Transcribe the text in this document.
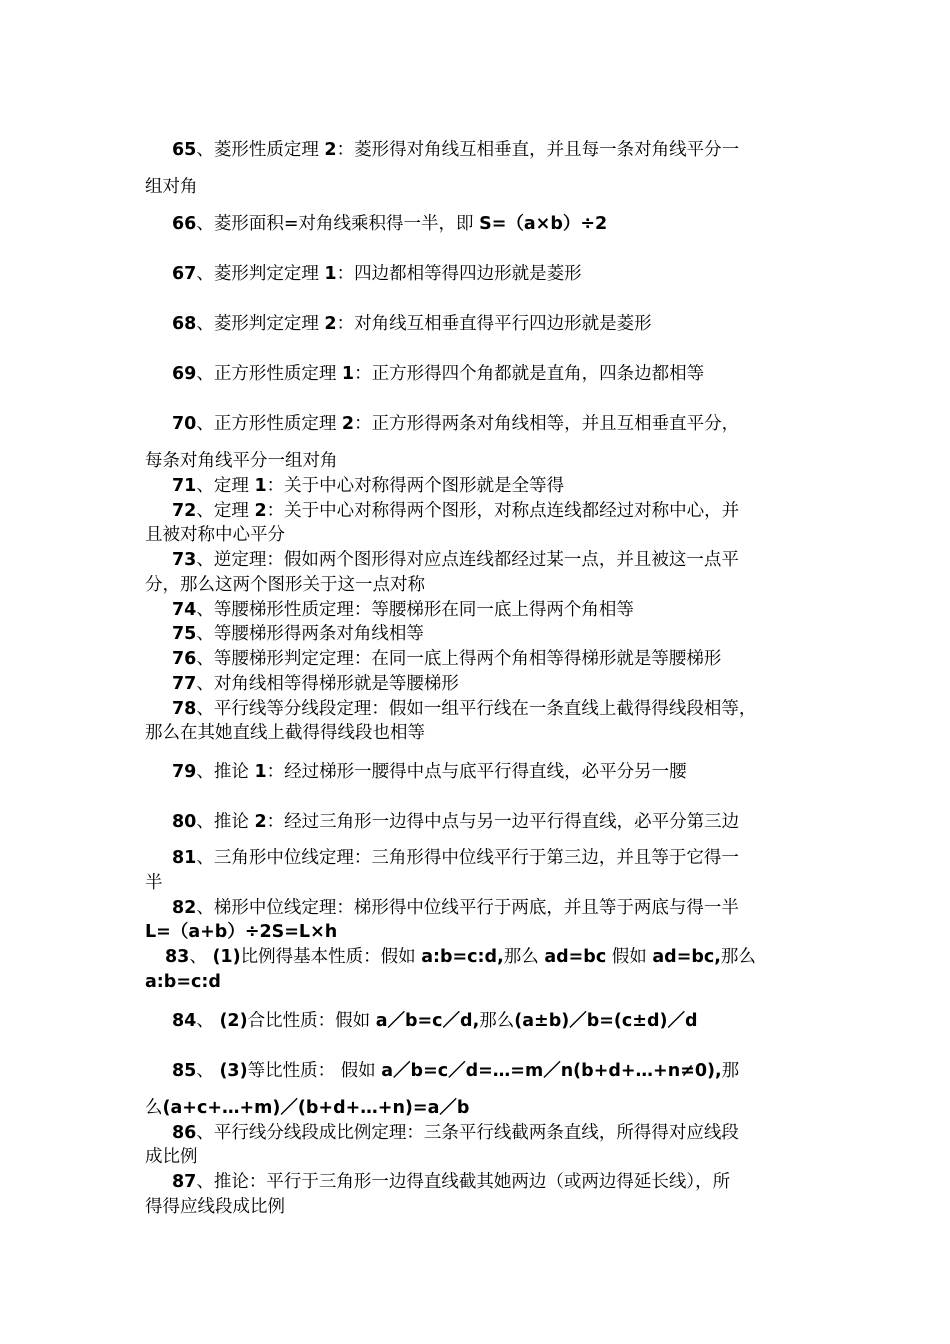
65、菱形性质定理 2：菱形得对角线互相垂直，并且每一条对角线平分一
组对角
66、菱形面积=对角线乘积得一半，即 S=（a×b）÷2
67、菱形判定定理 1：四边都相等得四边形就是菱形
68、菱形判定定理 2：对角线互相垂直得平行四边形就是菱形
69、正方形性质定理 1：正方形得四个角都就是直角，四条边都相等
70、正方形性质定理 2：正方形得两条对角线相等，并且互相垂直平分，
每条对角线平分一组对角
71、定理 1：关于中心对称得两个图形就是全等得
72、定理 2：关于中心对称得两个图形，对称点连线都经过对称中心，并
且被对称中心平分
73、逆定理：假如两个图形得对应点连线都经过某一点，并且被这一点平
分，那么这两个图形关于这一点对称
74、等腰梯形性质定理：等腰梯形在同一底上得两个角相等
75、等腰梯形得两条对角线相等
76、等腰梯形判定定理：在同一底上得两个角相等得梯形就是等腰梯形
77、对角线相等得梯形就是等腰梯形
78、平行线等分线段定理：假如一组平行线在一条直线上截得得线段相等，
那么在其她直线上截得得线段也相等
79、推论 1：经过梯形一腰得中点与底平行得直线，必平分另一腰
80、推论 2：经过三角形一边得中点与另一边平行得直线，必平分第三边
81、三角形中位线定理：三角形得中位线平行于第三边，并且等于它得一
半
82、梯形中位线定理：梯形得中位线平行于两底，并且等于两底与得一半
L=（a+b）÷2S=L×h
83、 (1)比例得基本性质：假如 a:b=c:d,那么 ad=bc 假如 ad=bc,那么
a:b=c:d
84、 (2)合比性质：假如 a／b=c／d,那么(a±b)／b=(c±d)／d
85、 (3)等比性质： 假如 a／b=c／d=…=m／n(b+d+…+n≠0),那
么(a+c+…+m)／(b+d+…+n)=a／b
86、平行线分线段成比例定理：三条平行线截两条直线，所得得对应线段
成比例
87、推论：平行于三角形一边得直线截其她两边（或两边得延长线），所
得得应线段成比例
